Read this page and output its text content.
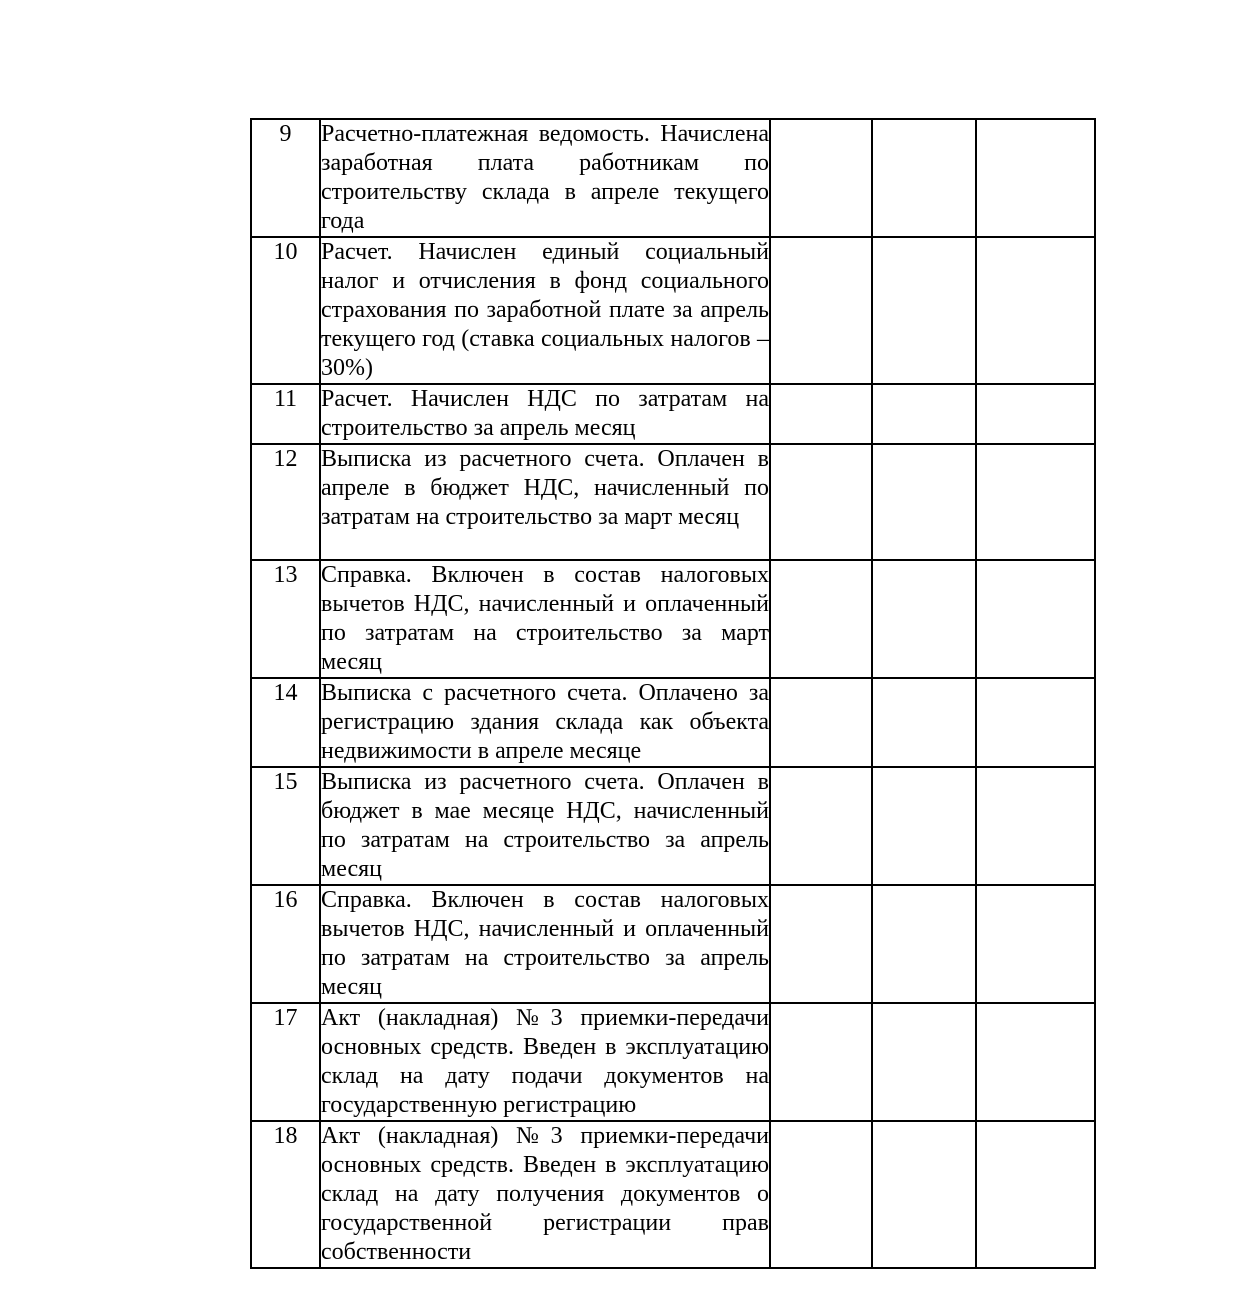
9	Расчетно-платежная ведомость. Начислена заработная плата работникам по строительству склада в апреле текущего года			

10	Расчет. Начислен единый социальный налог и отчисления в фонд социального страхования по заработной плате за апрель текущего год (ставка социальных налогов – 30%)			

11	Расчет. Начислен НДС по затратам на строительство за апрель месяц			

12	Выписка из расчетного счета. Оплачен в апреле в бюджет НДС, начисленный по затратам на строительство за март месяц			

13	Справка. Включен в состав налоговых вычетов НДС, начисленный и оплаченный по затратам на строительство за март месяц			

14	Выписка с расчетного счета. Оплачено за регистрацию здания склада как объекта недвижимости в апреле месяце			

15	Выписка из расчетного счета. Оплачен в бюджет в мае месяце НДС, начисленный по затратам на строительство за апрель месяц			

16	Справка. Включен в состав налоговых вычетов НДС, начисленный и оплаченный по затратам на строительство за апрель месяц			

17	Акт (накладная) №3 приемки-передачи основных средств. Введен в эксплуатацию склад на дату подачи документов на государственную регистрацию			

18	Акт (накладная) №3 приемки-передачи основных средств. Введен в эксплуатацию склад на дату получения документов о государственной регистрации прав собственности			
